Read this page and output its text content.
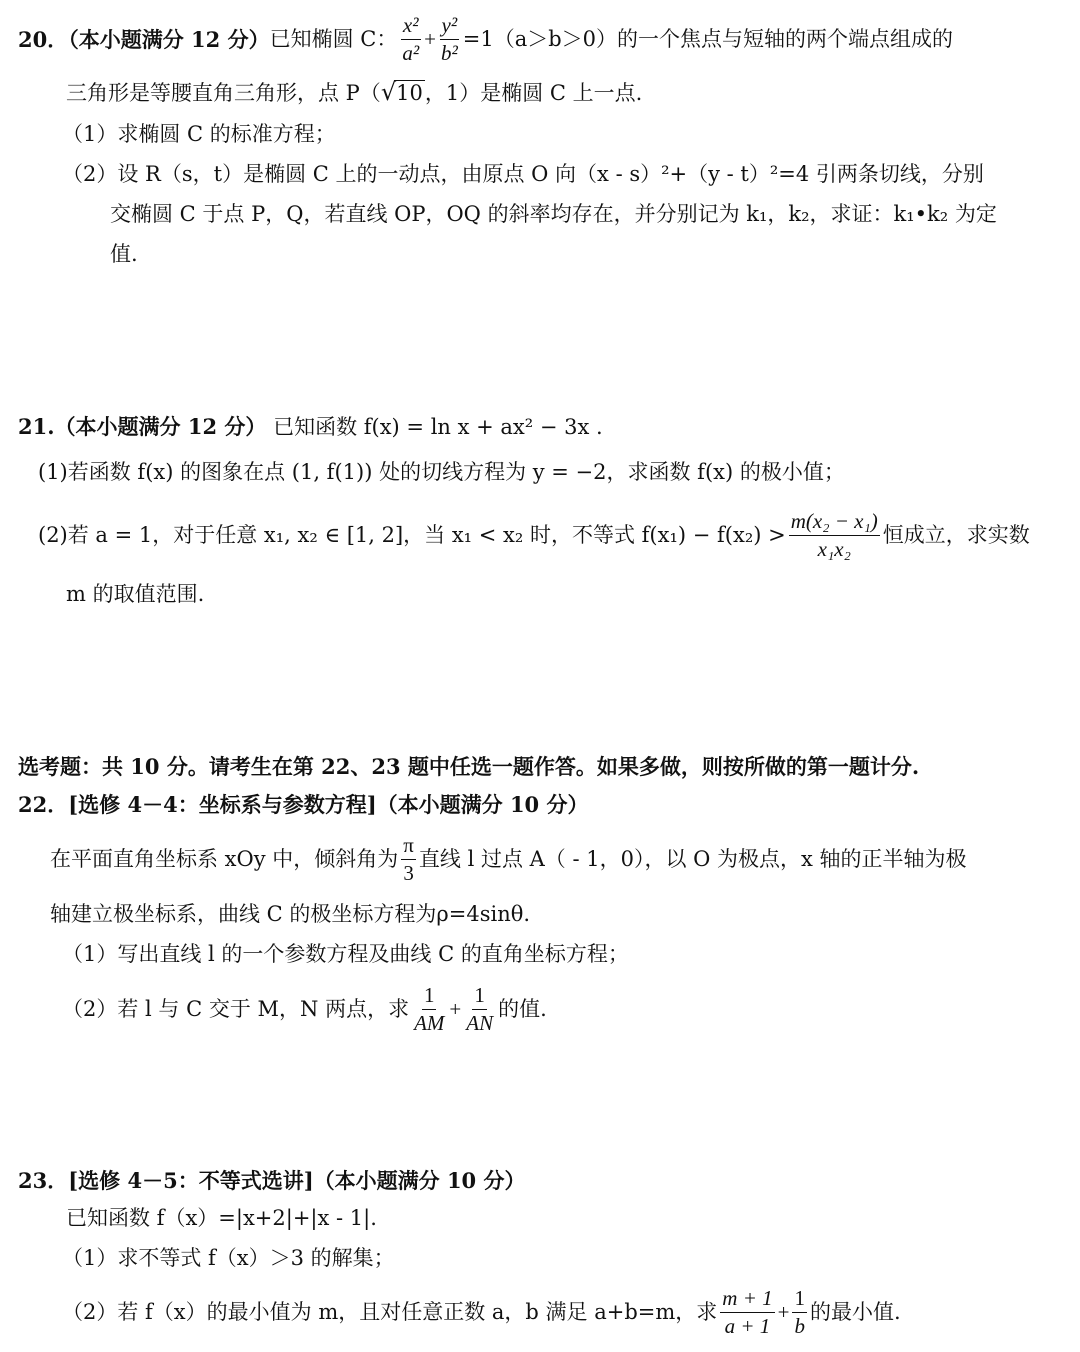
20．（本小题满分 12 分） 已知椭圆 C： $\frac{\text{x²}}{\text{a²}} + \frac{\text{y²}}{\text{b²}} =1(a>b>0)$的一个焦点与短轴的两个端点组成的
三角形是等腰直角三角形，点 P（√10，1）是椭圆 C 上一点.
（1）求椭圆 C 的标准方程；
（2）设 R（s，t）是椭圆 C 上的一动点，由原点 O 向（x - s）²+（y - t）²=4 引两条切线，分别
交椭圆 C 于点 P，Q，若直线 OP，OQ 的斜率均存在，并分别记为 k₁，k₂，求证：k₁•k₂ 为定
值.
21.（本小题满分 12 分） 已知函数 f(x) = ln x + ax² − 3x .
(1)若函数 f(x) 的图象在点 (1, f(1)) 处的切线方程为 y = −2，求函数 f(x) 的极小值；
(2)若 a = 1，对于任意 x₁, x₂ ∈ [1, 2]，当 x₁ < x₂ 时，不等式 $f(x_1) - f(x_2) > \frac{\text{m(x₂ − x₁)}}{\text{x₁x₂}}$ 恒成立，求实数
m 的取值范围.
选考题：共 10 分。请考生在第 22、23 题中任选一题作答。如果多做，则按所做的第一题计分.
22．[选修 4－4：坐标系与参数方程]（本小题满分 10 分）
在平面直角坐标系 xOy 中，倾斜角为 $\frac{\pi}{3}$ 直线 l 过点 A（ - 1，0），以 O 为极点，x 轴的正半轴为极
轴建立极坐标系，曲线 C 的极坐标方程为ρ=4sinθ.
（1）写出直线 l 的一个参数方程及曲线 C 的直角坐标方程；
（2）若 l 与 C 交于 M，N 两点，求 $\frac{1}{AM} + \frac{1}{AN}$ 的值.
23．[选修 4－5：不等式选讲]（本小题满分 10 分）
已知函数 f（x）=|x+2|+|x - 1|.
（1）求不等式 f（x）＞3 的解集；
（2）若 f（x）的最小值为 m，且对任意正数 a，b 满足 a+b=m，求 $\frac{m + 1}{a + 1} + \frac{1}{b}$ 的最小值.
